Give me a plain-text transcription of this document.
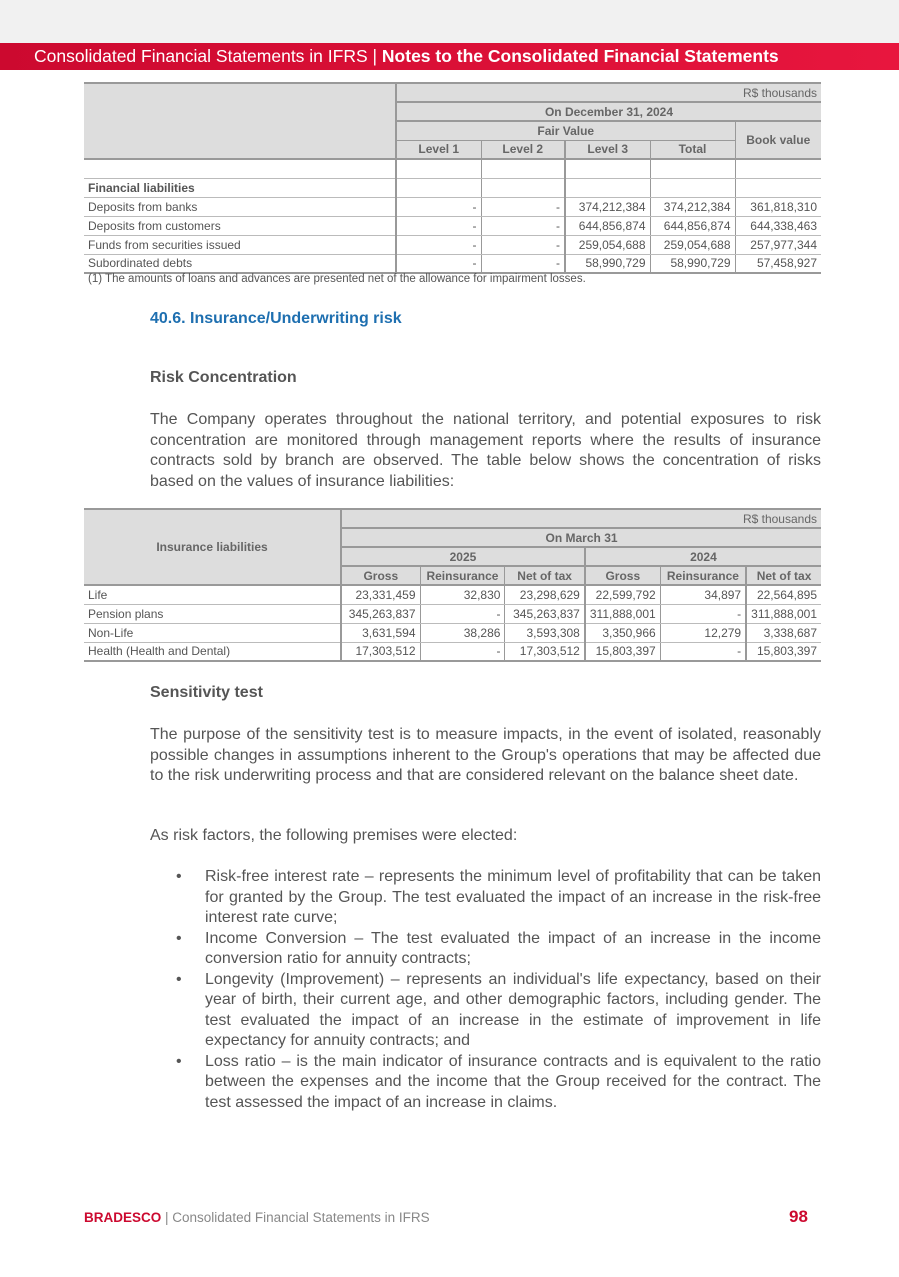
Consolidated Financial Statements in IFRS | Notes to the Consolidated Financial Statements
	R$ thousands				
	On December 31, 2024				
	Fair Value				Book value
	Level 1	Level 2	Level 3	Total	

Financial liabilities					
Deposits from banks	-	-	374,212,384	374,212,384	361,818,310
Deposits from customers	-	-	644,856,874	644,856,874	644,338,463
Funds from securities issued	-	-	259,054,688	259,054,688	257,977,344
Subordinated debts	-	-	58,990,729	58,990,729	57,458,927
(1) The amounts of loans and advances are presented net of the allowance for impairment losses.
40.6. Insurance/Underwriting risk
Risk Concentration
The Company operates throughout the national territory, and potential exposures to risk concentration are monitored through management reports where the results of insurance contracts sold by branch are observed. The table below shows the concentration of risks based on the values of insurance liabilities:
Insurance liabilities	R$ thousands					
	On March 31					
	2025			2024		
	Gross	Reinsurance	Net of tax	Gross	Reinsurance	Net of tax
Life	23,331,459	32,830	23,298,629	22,599,792	34,897	22,564,895
Pension plans	345,263,837	-	345,263,837	311,888,001	-	311,888,001
Non-Life	3,631,594	38,286	3,593,308	3,350,966	12,279	3,338,687
Health (Health and Dental)	17,303,512	-	17,303,512	15,803,397	-	15,803,397
Sensitivity test
The purpose of the sensitivity test is to measure impacts, in the event of isolated, reasonably possible changes in assumptions inherent to the Group's operations that may be affected due to the risk underwriting process and that are considered relevant on the balance sheet date.
As risk factors, the following premises were elected:
• Risk-free interest rate – represents the minimum level of profitability that can be taken for granted by the Group. The test evaluated the impact of an increase in the risk-free interest rate curve;
• Income Conversion – The test evaluated the impact of an increase in the income conversion ratio for annuity contracts;
• Longevity (Improvement) – represents an individual's life expectancy, based on their year of birth, their current age, and other demographic factors, including gender. The test evaluated the impact of an increase in the estimate of improvement in life expectancy for annuity contracts; and
• Loss ratio – is the main indicator of insurance contracts and is equivalent to the ratio between the expenses and the income that the Group received for the contract. The test assessed the impact of an increase in claims.
BRADESCO | Consolidated Financial Statements in IFRS	98
